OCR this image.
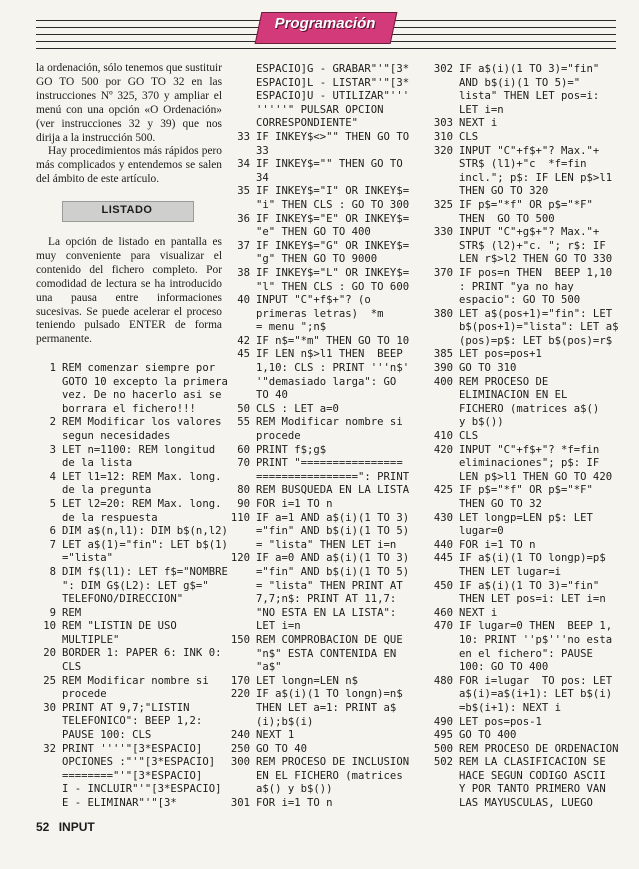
Programación

la ordenación, sólo tenemos que sustituir GO TO 500 por GO TO 32 en las instrucciones Nº 325, 370 y ampliar el menú con una opción «O Ordenación» (ver instrucciones 32 y 39) que nos dirija a la instrucción 500.

Hay procedimientos más rápidos pero más complicados y entendemos se salen del ámbito de este artículo.

LISTADO

La opción de listado en pantalla es muy conveniente para visualizar el contenido del fichero completo. Por comodidad de lectura se ha introducido una pausa entre informaciones sucesivas. Se puede acelerar el proceso teniendo pulsado ENTER de forma permanente.

1 REM comenzar siempre por
GOTO 10 excepto la primera
vez. De no hacerlo asi se
borrara el fichero!!!
2 REM Modificar los valores
segun necesidades
3 LET n=1100: REM longitud
de la lista
4 LET l1=12: REM Max. long.
de la pregunta
5 LET l2=20: REM Max. long.
de la respuesta
6 DIM a$(n,l1): DIM b$(n,l2)
7 LET a$(1)="fin": LET b$(1)
="lista"
8 DIM f$(l1): LET f$="NOMBRE
": DIM G$(L2): LET g$="
TELEFONO/DIRECCION"
9 REM
10 REM "LISTIN DE USO
MULTIPLE"
20 BORDER 1: PAPER 6: INK 0:
CLS
25 REM Modificar nombre si
procede
30 PRINT AT 9,7;"LISTIN
TELEFONICO": BEEP 1,2:
PAUSE 100: CLS
32 PRINT ''''"[3*ESPACIO]
OPCIONES :"'"[3*ESPACIO]
========"'"[3*ESPACIO]
I - INCLUIR"'"[3*ESPACIO]
E - ELIMINAR"'"[3*
ESPACIO]G - GRABAR"'"[3*
ESPACIO]L - LISTAR"'"[3*
ESPACIO]U - UTILIZAR"'''
'''''" PULSAR OPCION
CORRESPONDIENTE"
33 IF INKEY$<>"" THEN GO TO
33
34 IF INKEY$="" THEN GO TO
34
35 IF INKEY$="I" OR INKEY$=
"i" THEN CLS : GO TO 300
36 IF INKEY$="E" OR INKEY$=
"e" THEN GO TO 400
37 IF INKEY$="G" OR INKEY$=
"g" THEN GO TO 9000
38 IF INKEY$="L" OR INKEY$=
"l" THEN CLS : GO TO 600
40 INPUT "C"+f$+"? (o
primeras letras)  *m
= menu ";n$
42 IF n$="*m" THEN GO TO 10
45 IF LEN n$>l1 THEN  BEEP
1,10: CLS : PRINT '''n$'
'"demasiado larga": GO
TO 40
50 CLS : LET a=0
55 REM Modificar nombre si
procede
60 PRINT f$;g$
70 PRINT "================
================": PRINT
80 REM BUSQUEDA EN LA LISTA
90 FOR i=1 TO n
110 IF a=1 AND a$(i)(1 TO 3)
="fin" AND b$(i)(1 TO 5)
= "lista" THEN LET i=n
120 IF a=0 AND a$(i)(1 TO 3)
="fin" AND b$(i)(1 TO 5)
= "lista" THEN PRINT AT
7,7;n$: PRINT AT 11,7:
"NO ESTA EN LA LISTA":
LET i=n
150 REM COMPROBACION DE QUE
"n$" ESTA CONTENIDA EN
"a$"
170 LET longn=LEN n$
220 IF a$(i)(1 TO longn)=n$
THEN LET a=1: PRINT a$
(i);b$(i)
240 NEXT 1
250 GO TO 40
300 REM PROCESO DE INCLUSION
EN EL FICHERO (matrices
a$() y b$())
301 FOR i=1 TO n
302 IF a$(i)(1 TO 3)="fin"
AND b$(i)(1 TO 5)="
lista" THEN LET pos=i:
LET i=n
303 NEXT i
310 CLS
320 INPUT "C"+f$+"? Max."+
STR$ (l1)+"c  *f=fin
incl."; p$: IF LEN p$>l1
THEN GO TO 320
325 IF p$="*f" OR p$="*F"
THEN  GO TO 500
330 INPUT "C"+g$+"? Max."+
STR$ (l2)+"c. "; r$: IF
LEN r$>l2 THEN GO TO 330
370 IF pos=n THEN  BEEP 1,10
: PRINT "ya no hay
espacio": GO TO 500
380 LET a$(pos+1)="fin": LET
b$(pos+1)="lista": LET a$
(pos)=p$: LET b$(pos)=r$
385 LET pos=pos+1
390 GO TO 310
400 REM PROCESO DE
ELIMINACION EN EL
FICHERO (matrices a$()
y b$())
410 CLS
420 INPUT "C"+f$+"? *f=fin
eliminaciones"; p$: IF
LEN p$>l1 THEN GO TO 420
425 IF p$="*f" OR p$="*F"
THEN GO TO 32
430 LET longp=LEN p$: LET
lugar=0
440 FOR i=1 TO n
445 IF a$(i)(1 TO longp)=p$
THEN LET lugar=i
450 IF a$(i)(1 TO 3)="fin"
THEN LET pos=i: LET i=n
460 NEXT i
470 IF lugar=0 THEN  BEEP 1,
10: PRINT ''p$'''no esta
en el fichero": PAUSE
100: GO TO 400
480 FOR i=lugar  TO pos: LET
a$(i)=a$(i+1): LET b$(i)
=b$(i+1): NEXT i
490 LET pos=pos-1
495 GO TO 400
500 REM PROCESO DE ORDENACION
502 REM LA CLASIFICACION SE
HACE SEGUN CODIGO ASCII
Y POR TANTO PRIMERO VAN
LAS MAYUSCULAS, LUEGO
52 INPUT
